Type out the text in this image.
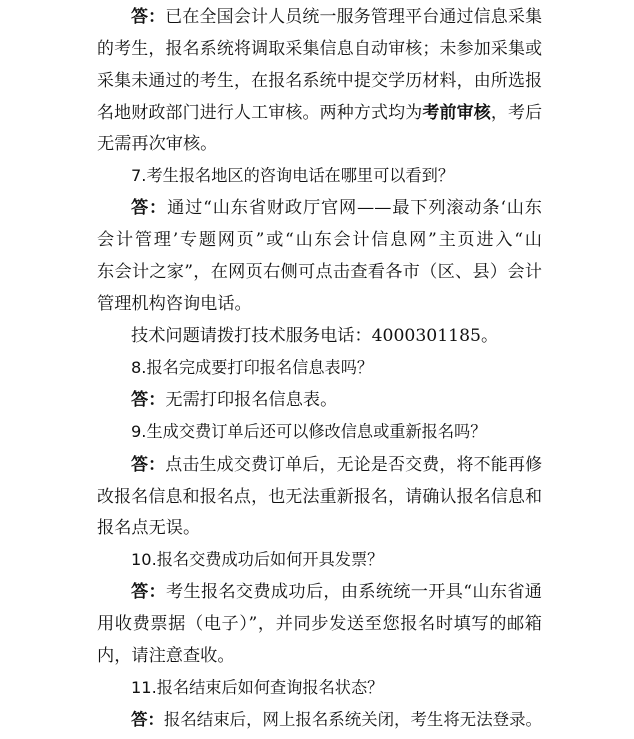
答：已在全国会计人员统一服务管理平台通过信息采集
的考生，报名系统将调取采集信息自动审核；未参加采集或
采集未通过的考生，在报名系统中提交学历材料，由所选报
名地财政部门进行人工审核。两种方式均为考前审核，考后
无需再次审核。
7.考生报名地区的咨询电话在哪里可以看到？
答：通过“山东省财政厅官网——最下列滚动条‘山东
会计管理’专题网页”或“山东会计信息网”主页进入“山
东会计之家”，在网页右侧可点击查看各市（区、县）会计
管理机构咨询电话。
技术问题请拨打技术服务电话：4000301185。
8.报名完成要打印报名信息表吗？
答：无需打印报名信息表。
9.生成交费订单后还可以修改信息或重新报名吗？
答：点击生成交费订单后，无论是否交费，将不能再修
改报名信息和报名点，也无法重新报名，请确认报名信息和
报名点无误。
10.报名交费成功后如何开具发票？
答：考生报名交费成功后，由系统统一开具“山东省通
用收费票据（电子）”，并同步发送至您报名时填写的邮箱
内，请注意查收。
11.报名结束后如何查询报名状态？
答：报名结束后，网上报名系统关闭，考生将无法登录。
